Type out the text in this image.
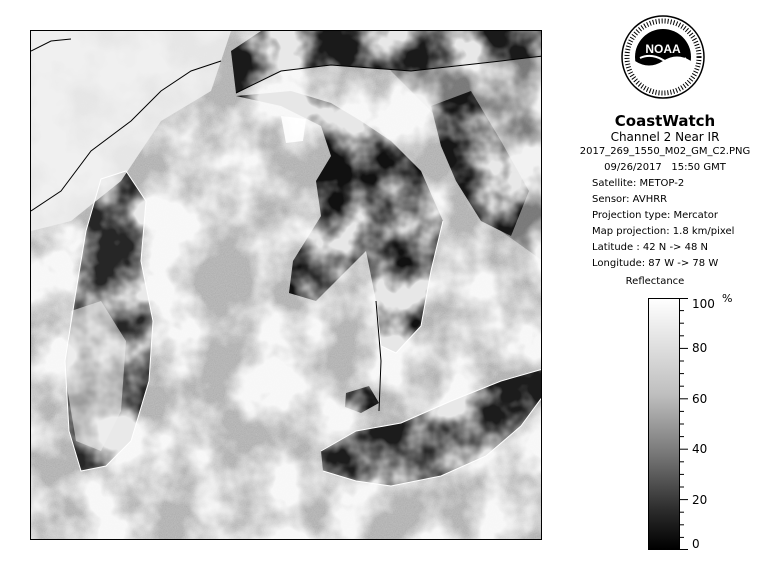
NOAA
CoastWatch
Channel 2 Near IR
2017_269_1550_M02_GM_C2.PNG
09/26/2017 15:50 GMT
Satellite: METOP-2
Sensor: AVHRR
Projection type: Mercator
Map projection: 1.8 km/pixel
Latitude : 42 N -> 48 N
Longitude: 87 W -> 78 W
Reflectance
%
100
80
60
40
20
0
